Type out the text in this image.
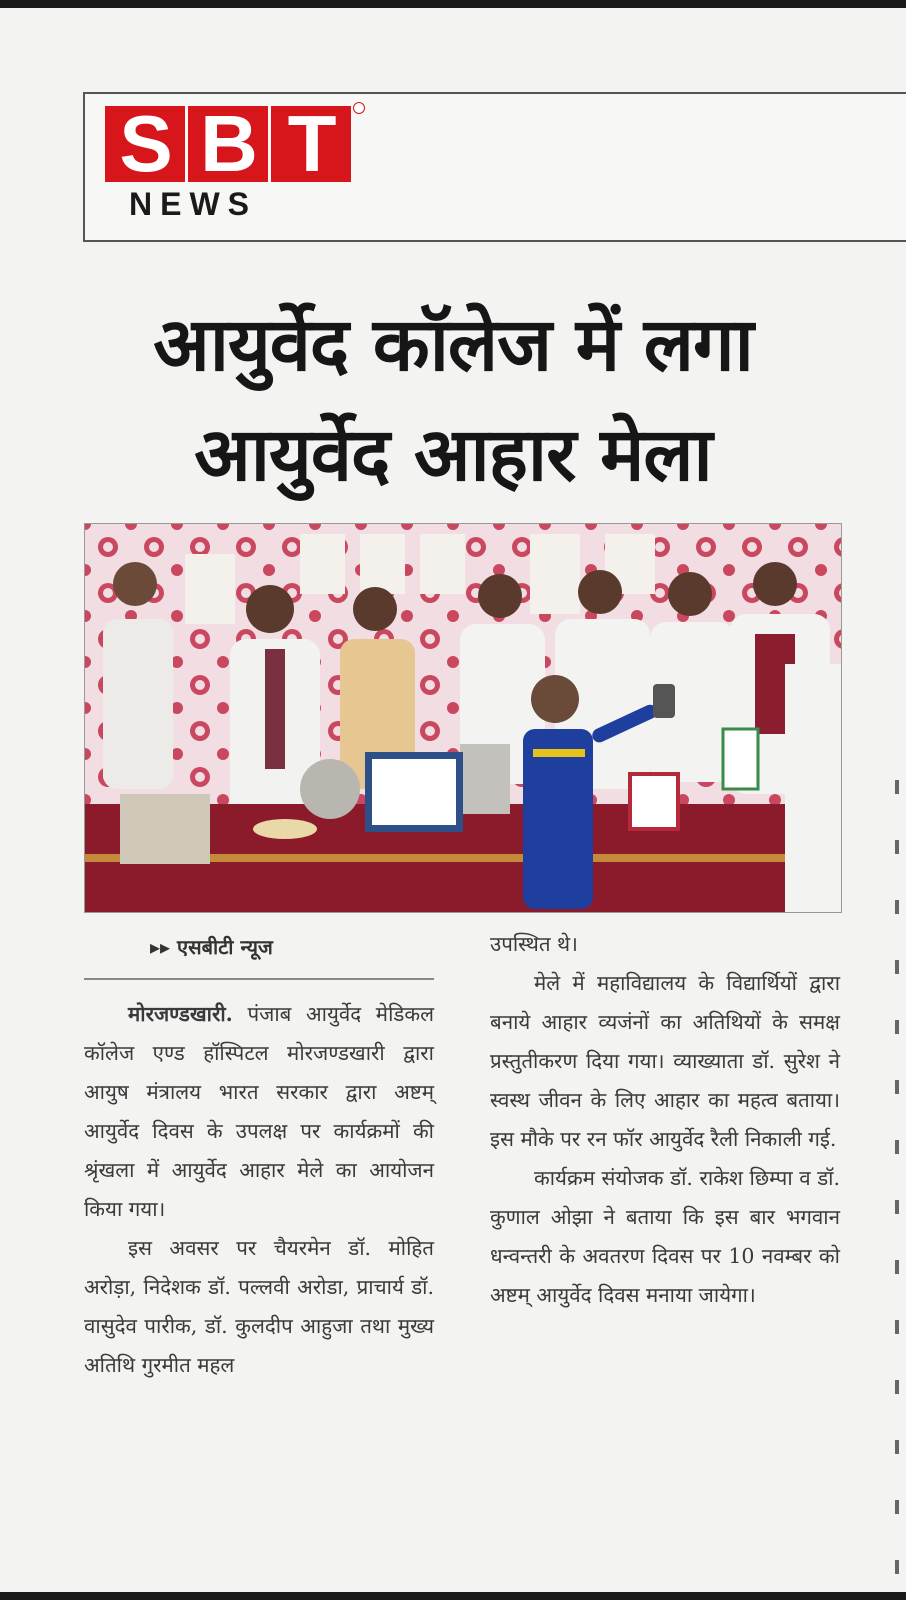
S B T
NEWS
आयुर्वेद कॉलेज में लगा
आयुर्वेद आहार मेला
▸▸ एसबीटी न्यूज

मोरजण्डखारी. पंजाब आयुर्वेद मेडिकल कॉलेज एण्ड हॉस्पिटल मोरजण्डखारी द्वारा आयुष मंत्रालय भारत सरकार द्वारा अष्टम् आयुर्वेद दिवस के उपलक्ष पर कार्यक्रमों की श्रृंखला में आयुर्वेद आहार मेले का आयोजन किया गया।

इस अवसर पर चैयरमेन डॉ. मोहित अरोड़ा, निदेशक डॉ. पल्लवी अरोडा, प्राचार्य डॉ. वासुदेव पारीक, डॉ. कुलदीप आहुजा तथा मुख्य अतिथि गुरमीत महल

उपस्थित थे।

मेले में महाविद्यालय के विद्यार्थियों द्वारा बनाये आहार व्यजंनों का अतिथियों के समक्ष प्रस्तुतीकरण दिया गया। व्याख्याता डॉ. सुरेश ने स्वस्थ जीवन के लिए आहार का महत्व बताया। इस मौके पर रन फॉर आयुर्वेद रैली निकाली गई.

कार्यक्रम संयोजक डॉ. राकेश छिम्पा व डॉ. कुणाल ओझा ने बताया कि इस बार भगवान धन्वन्तरी के अवतरण दिवस पर 10 नवम्बर को अष्टम् आयुर्वेद दिवस मनाया जायेगा।
